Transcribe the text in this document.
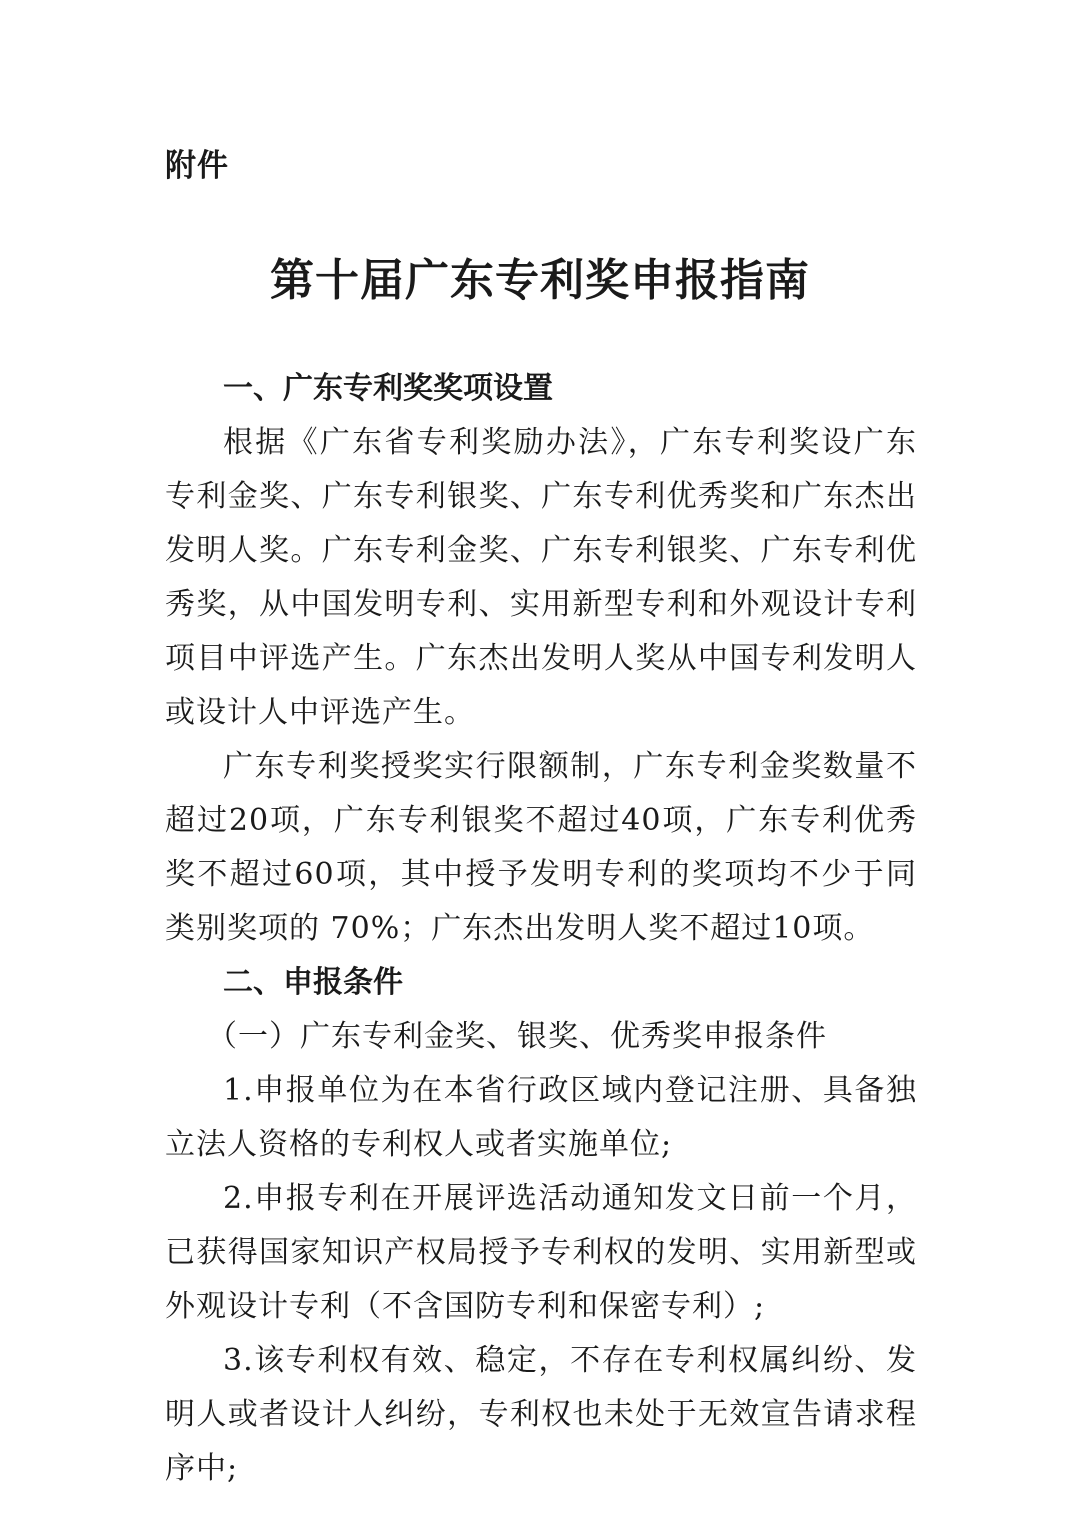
附件
第十届广东专利奖申报指南
一、广东专利奖奖项设置

根据《广东省专利奖励办法》，广东专利奖设广东专利金奖、广东专利银奖、广东专利优秀奖和广东杰出发明人奖。广东专利金奖、广东专利银奖、广东专利优秀奖，从中国发明专利、实用新型专利和外观设计专利项目中评选产生。广东杰出发明人奖从中国专利发明人或设计人中评选产生。

广东专利奖授奖实行限额制，广东专利金奖数量不超过20项，广东专利银奖不超过40项，广东专利优秀奖不超过60项，其中授予发明专利的奖项均不少于同类别奖项的 70%；广东杰出发明人奖不超过10项。

二、申报条件
（一）广东专利金奖、银奖、优秀奖申报条件

1.申报单位为在本省行政区域内登记注册、具备独立法人资格的专利权人或者实施单位;

2.申报专利在开展评选活动通知发文日前一个月，已获得国家知识产权局授予专利权的发明、实用新型或外观设计专利（不含国防专利和保密专利）;

3.该专利权有效、稳定，不存在专利权属纠纷、发明人或者设计人纠纷，专利权也未处于无效宣告请求程序中;
